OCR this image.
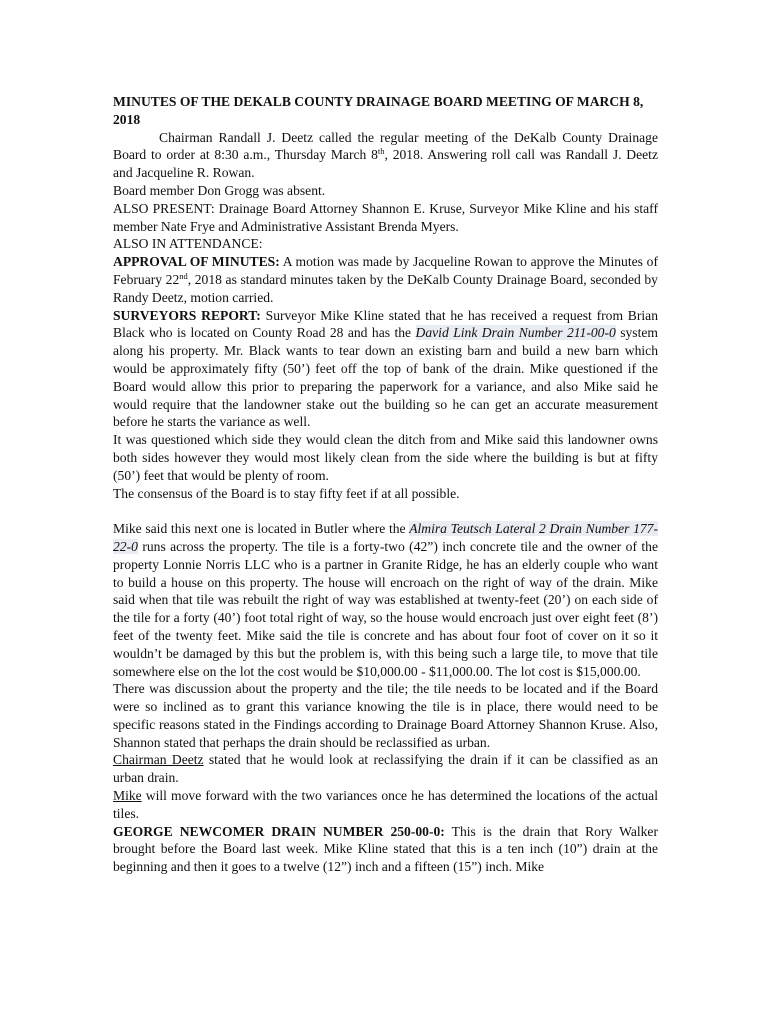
MINUTES OF THE DEKALB COUNTY DRAINAGE BOARD MEETING OF MARCH 8, 2018

Chairman Randall J. Deetz called the regular meeting of the DeKalb County Drainage Board to order at 8:30 a.m., Thursday March 8th, 2018. Answering roll call was Randall J. Deetz and Jacqueline R. Rowan.

Board member Don Grogg was absent.

ALSO PRESENT: Drainage Board Attorney Shannon E. Kruse, Surveyor Mike Kline and his staff member Nate Frye and Administrative Assistant Brenda Myers.

ALSO IN ATTENDANCE:

APPROVAL OF MINUTES: A motion was made by Jacqueline Rowan to approve the Minutes of February 22nd, 2018 as standard minutes taken by the DeKalb County Drainage Board, seconded by Randy Deetz, motion carried.

SURVEYORS REPORT: Surveyor Mike Kline stated that he has received a request from Brian Black who is located on County Road 28 and has the David Link Drain Number 211-00-0 system along his property. Mr. Black wants to tear down an existing barn and build a new barn which would be approximately fifty (50’) feet off the top of bank of the drain. Mike questioned if the Board would allow this prior to preparing the paperwork for a variance, and also Mike said he would require that the landowner stake out the building so he can get an accurate measurement before he starts the variance as well.

It was questioned which side they would clean the ditch from and Mike said this landowner owns both sides however they would most likely clean from the side where the building is but at fifty (50’) feet that would be plenty of room.

The consensus of the Board is to stay fifty feet if at all possible.

Mike said this next one is located in Butler where the Almira Teutsch Lateral 2 Drain Number 177-22-0 runs across the property. The tile is a forty-two (42”) inch concrete tile and the owner of the property Lonnie Norris LLC who is a partner in Granite Ridge, he has an elderly couple who want to build a house on this property. The house will encroach on the right of way of the drain. Mike said when that tile was rebuilt the right of way was established at twenty-feet (20’) on each side of the tile for a forty (40’) foot total right of way, so the house would encroach just over eight feet (8’) feet of the twenty feet. Mike said the tile is concrete and has about four foot of cover on it so it wouldn’t be damaged by this but the problem is, with this being such a large tile, to move that tile somewhere else on the lot the cost would be $10,000.00 - $11,000.00. The lot cost is $15,000.00.

There was discussion about the property and the tile; the tile needs to be located and if the Board were so inclined as to grant this variance knowing the tile is in place, there would need to be specific reasons stated in the Findings according to Drainage Board Attorney Shannon Kruse. Also, Shannon stated that perhaps the drain should be reclassified as urban.

Chairman Deetz stated that he would look at reclassifying the drain if it can be classified as an urban drain.

Mike will move forward with the two variances once he has determined the locations of the actual tiles.

GEORGE NEWCOMER DRAIN NUMBER 250-00-0: This is the drain that Rory Walker brought before the Board last week. Mike Kline stated that this is a ten inch (10”) drain at the beginning and then it goes to a twelve (12”) inch and a fifteen (15”) inch. Mike
